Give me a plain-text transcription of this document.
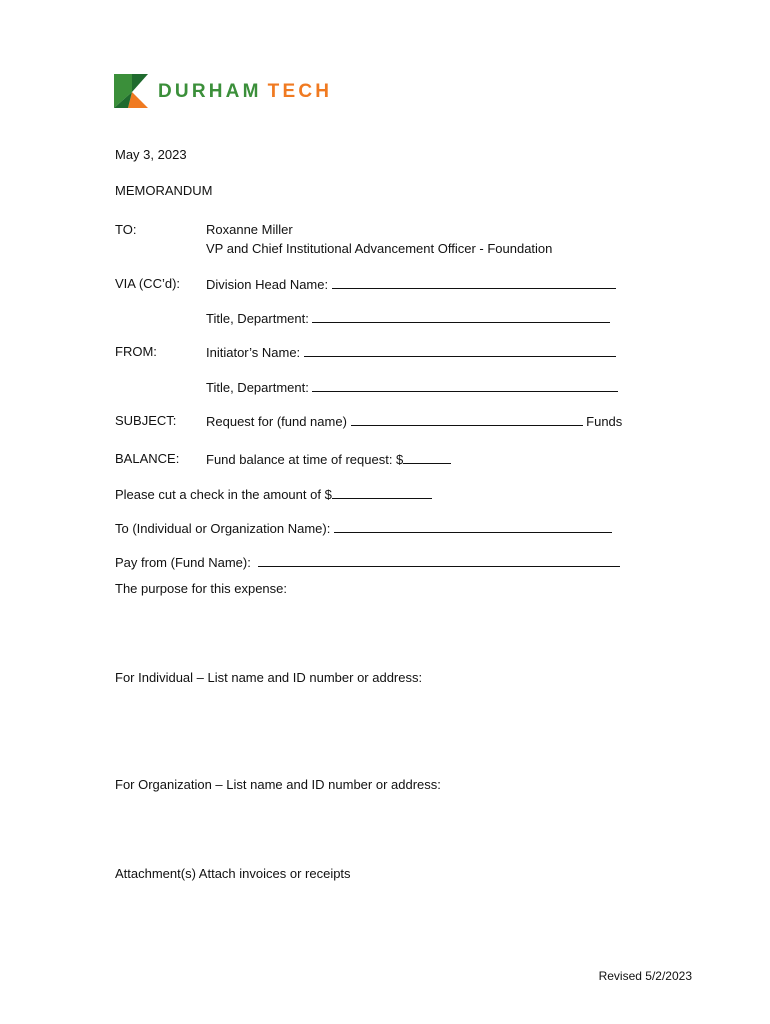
DURHAM TECH
May 3, 2023
MEMORANDUM
TO:	Roxanne Miller
VP and Chief Institutional Advancement Officer - Foundation
VIA (CC’d): Division Head Name:
Title, Department:
FROM:	Initiator’s Name:
Title, Department:
SUBJECT: Request for (fund name)	Funds
BALANCE: Fund balance at time of request: $
Please cut a check in the amount of $
To (Individual or Organization Name):
Pay from (Fund Name):
The purpose for this expense:
For Individual – List name and ID number or address:
For Organization – List name and ID number or address:
Attachment(s) Attach invoices or receipts
Revised 5/2/2023
